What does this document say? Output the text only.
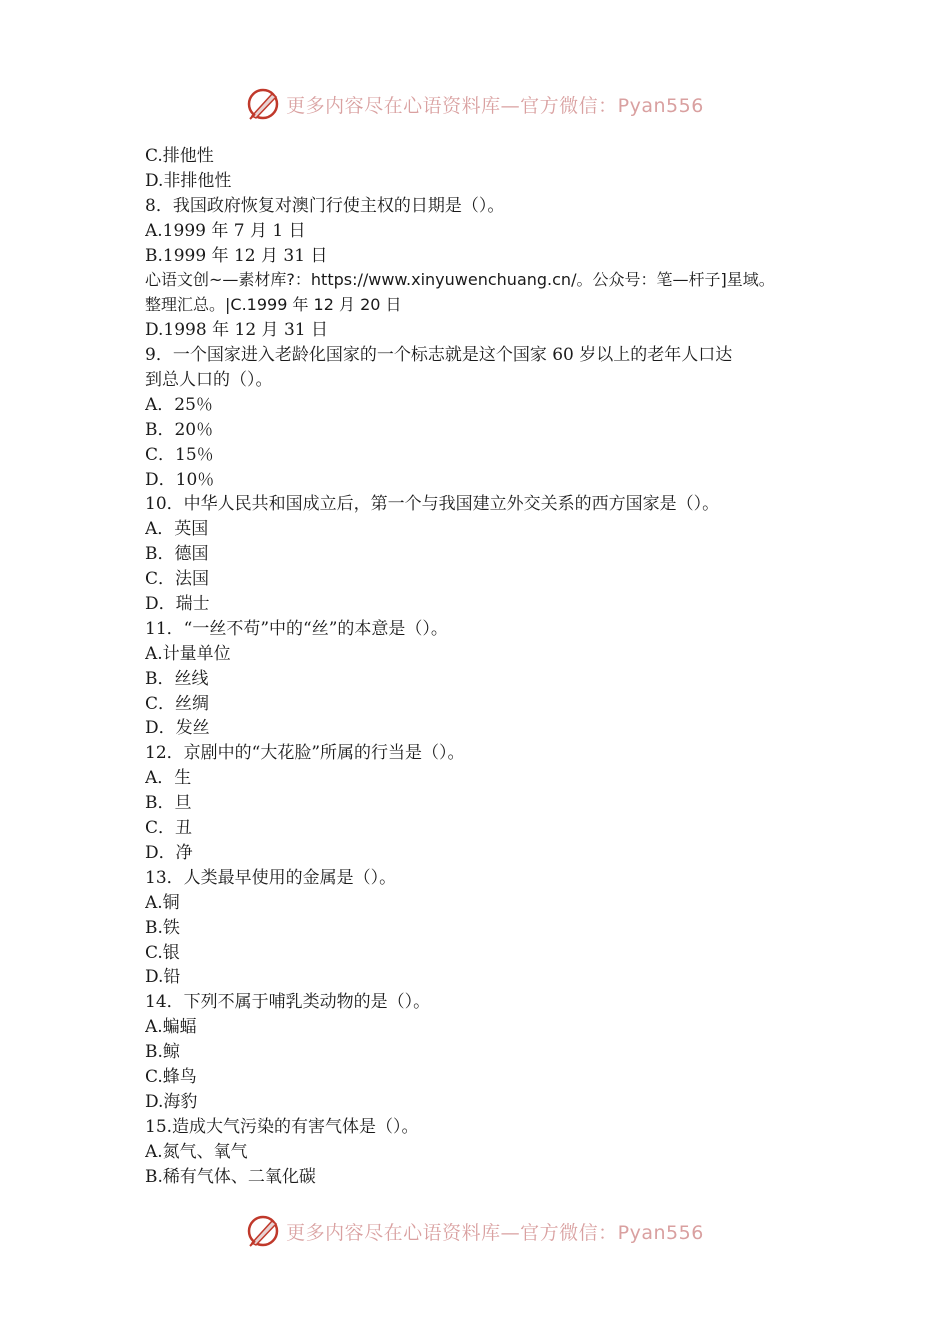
更多内容尽在心语资料库—官方微信：Pyan556
C.排他性
D.非排他性
8．我国政府恢复对澳门行使主权的日期是（）。
A.1999 年 7 月 1 日
B.1999 年 12 月 31 日
心语文创~—素材库?：https://www.xinyuwenchuang.cn/。公众号：笔—杆子]星域。
整理汇总。|C.1999 年 12 月 20 日
D.1998 年 12 月 31 日
9．一个国家进入老龄化国家的一个标志就是这个国家 60 岁以上的老年人口达
到总人口的（）。
A．25％
B．20％
C．15％
D．10％
10．中华人民共和国成立后，第一个与我国建立外交关系的西方国家是（）。
A．英国
B．德国
C．法国
D．瑞士
11．“一丝不苟”中的“丝”的本意是（）。
A.计量单位
B．丝线
C．丝绸
D．发丝
12．京剧中的“大花脸”所属的行当是（）。
A．生
B．旦
C．丑
D．净
13．人类最早使用的金属是（）。
A.铜
B.铁
C.银
D.铅
14．下列不属于哺乳类动物的是（）。
A.蝙蝠
B.鲸
C.蜂鸟
D.海豹
15.造成大气污染的有害气体是（）。
A.氮气、氧气
B.稀有气体、二氧化碳
更多内容尽在心语资料库—官方微信：Pyan556
